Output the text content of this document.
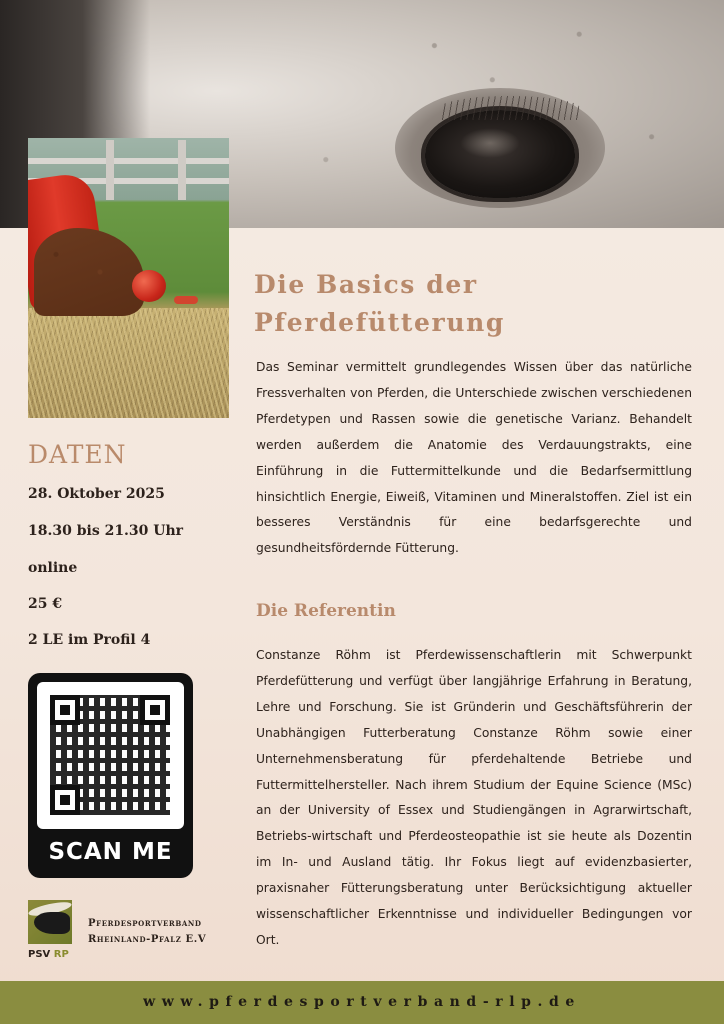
DATEN
28. Oktober 2025
18.30 bis 21.30 Uhr
online
25 €
2 LE im Profil 4
SCAN ME
PSV RP
Pferdesportverband
Rheinland-Pfalz E.V
Die Basics der
Pferdefütterung
Das Seminar vermittelt grundlegendes Wissen über das natürliche Fressverhalten von Pferden, die Unterschiede zwischen verschiedenen Pferdetypen und Rassen sowie die genetische Varianz. Behandelt werden außerdem die Anatomie des Verdauungstrakts, eine Einführung in die Futtermittelkunde und die Bedarfsermittlung hinsichtlich Energie, Eiweiß, Vitaminen und Mineralstoffen. Ziel ist ein besseres Verständnis für eine bedarfsgerechte und gesundheitsfördernde Fütterung.
Die Referentin
Constanze Röhm ist Pferdewissenschaftlerin mit Schwerpunkt Pferdefütterung und verfügt über langjährige Erfahrung in Beratung, Lehre und Forschung. Sie ist Gründerin und Geschäftsführerin der Unabhängigen Futterberatung Constanze Röhm sowie einer Unternehmensberatung für pferdehaltende Betriebe und Futtermittelhersteller. Nach ihrem Studium der Equine Science (MSc) an der University of Essex und Studiengängen in Agrarwirtschaft, Betriebs-wirtschaft und Pferdeosteopathie ist sie heute als Dozentin im In- und Ausland tätig. Ihr Fokus liegt auf evidenzbasierter, praxisnaher Fütterungsberatung unter Berücksichtigung aktueller wissenschaftlicher Erkenntnisse und individueller Bedingungen vor Ort.
www.pferdesportverband-rlp.de
